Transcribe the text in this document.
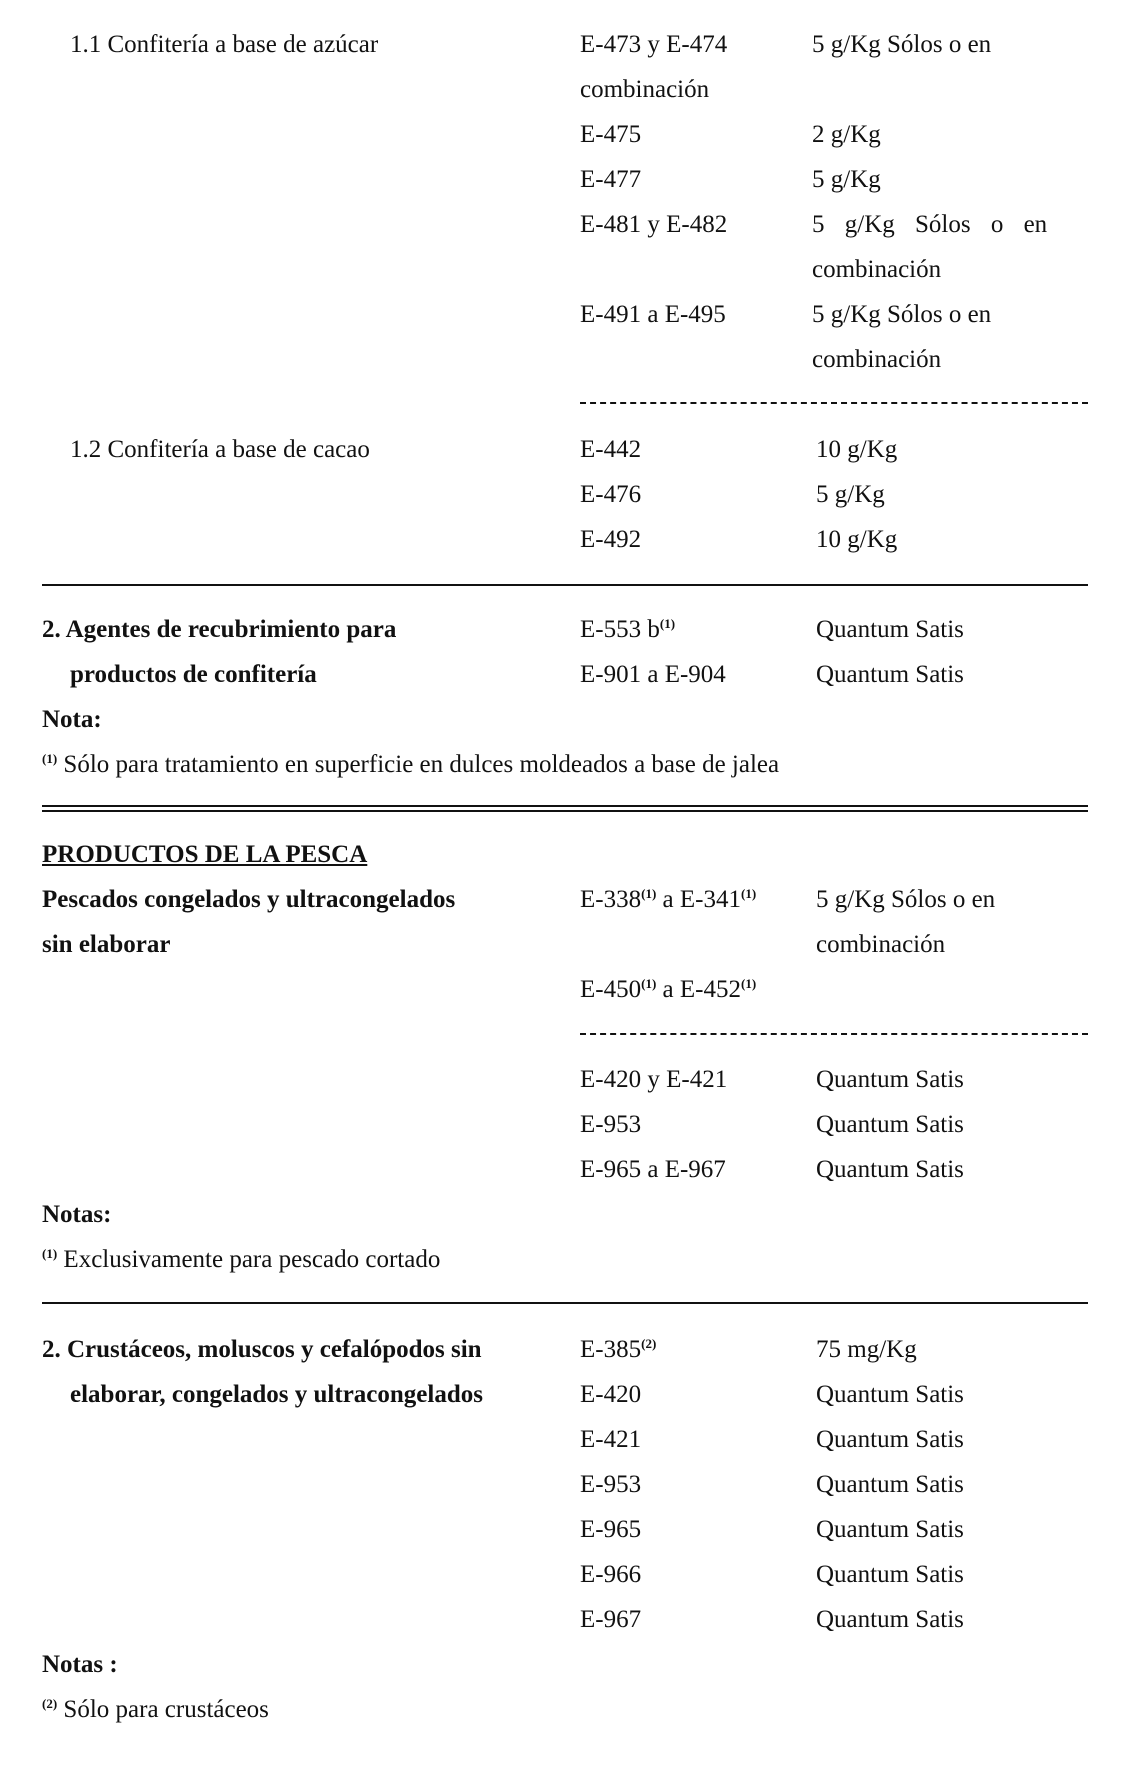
1.1 Confitería a base de azúcar	E-473 y E-474	5 g/Kg Sólos o en
combinación
E-475	2 g/Kg
E-477	5 g/Kg
E-481 y E-482	5 g/Kg Sólos o en
combinación
E-491 a E-495	5 g/Kg Sólos o en
combinación
1.2 Confitería a base de cacao	E-442	10 g/Kg
E-476	5 g/Kg
E-492	10 g/Kg
2. Agentes de recubrimiento para
productos de confitería
E-553 $b^{(1)}$	Quantum Satis
E-901 a E-904	Quantum Satis
Nota:
$^{(1)}$ Sólo para tratamiento en superficie en dulces moldeados a base de jalea
PRODUCTOS DE LA PESCA
Pescados congelados y ultracongelados
sin elaborar
E-338$^{(1)}$ a E-341$^{(1)}$ 5 g/Kg Sólos o en
combinación
E-450$^{(1)}$ a E-452$^{(1)}$
E-420 y E-421	Quantum Satis
E-953	Quantum Satis
E-965 a E-967	Quantum Satis
Notas:
$^{(1)}$ Exclusivamente para pescado cortado
2. Crustáceos, moluscos y cefalópodos sin
elaborar, congelados y ultracongelados
E-385$^{(2)}$	75 mg/Kg
E-420	Quantum Satis
E-421	Quantum Satis
E-953	Quantum Satis
E-965	Quantum Satis
E-966	Quantum Satis
E-967	Quantum Satis
Notas :
$^{(2)}$ Sólo para crustáceos
